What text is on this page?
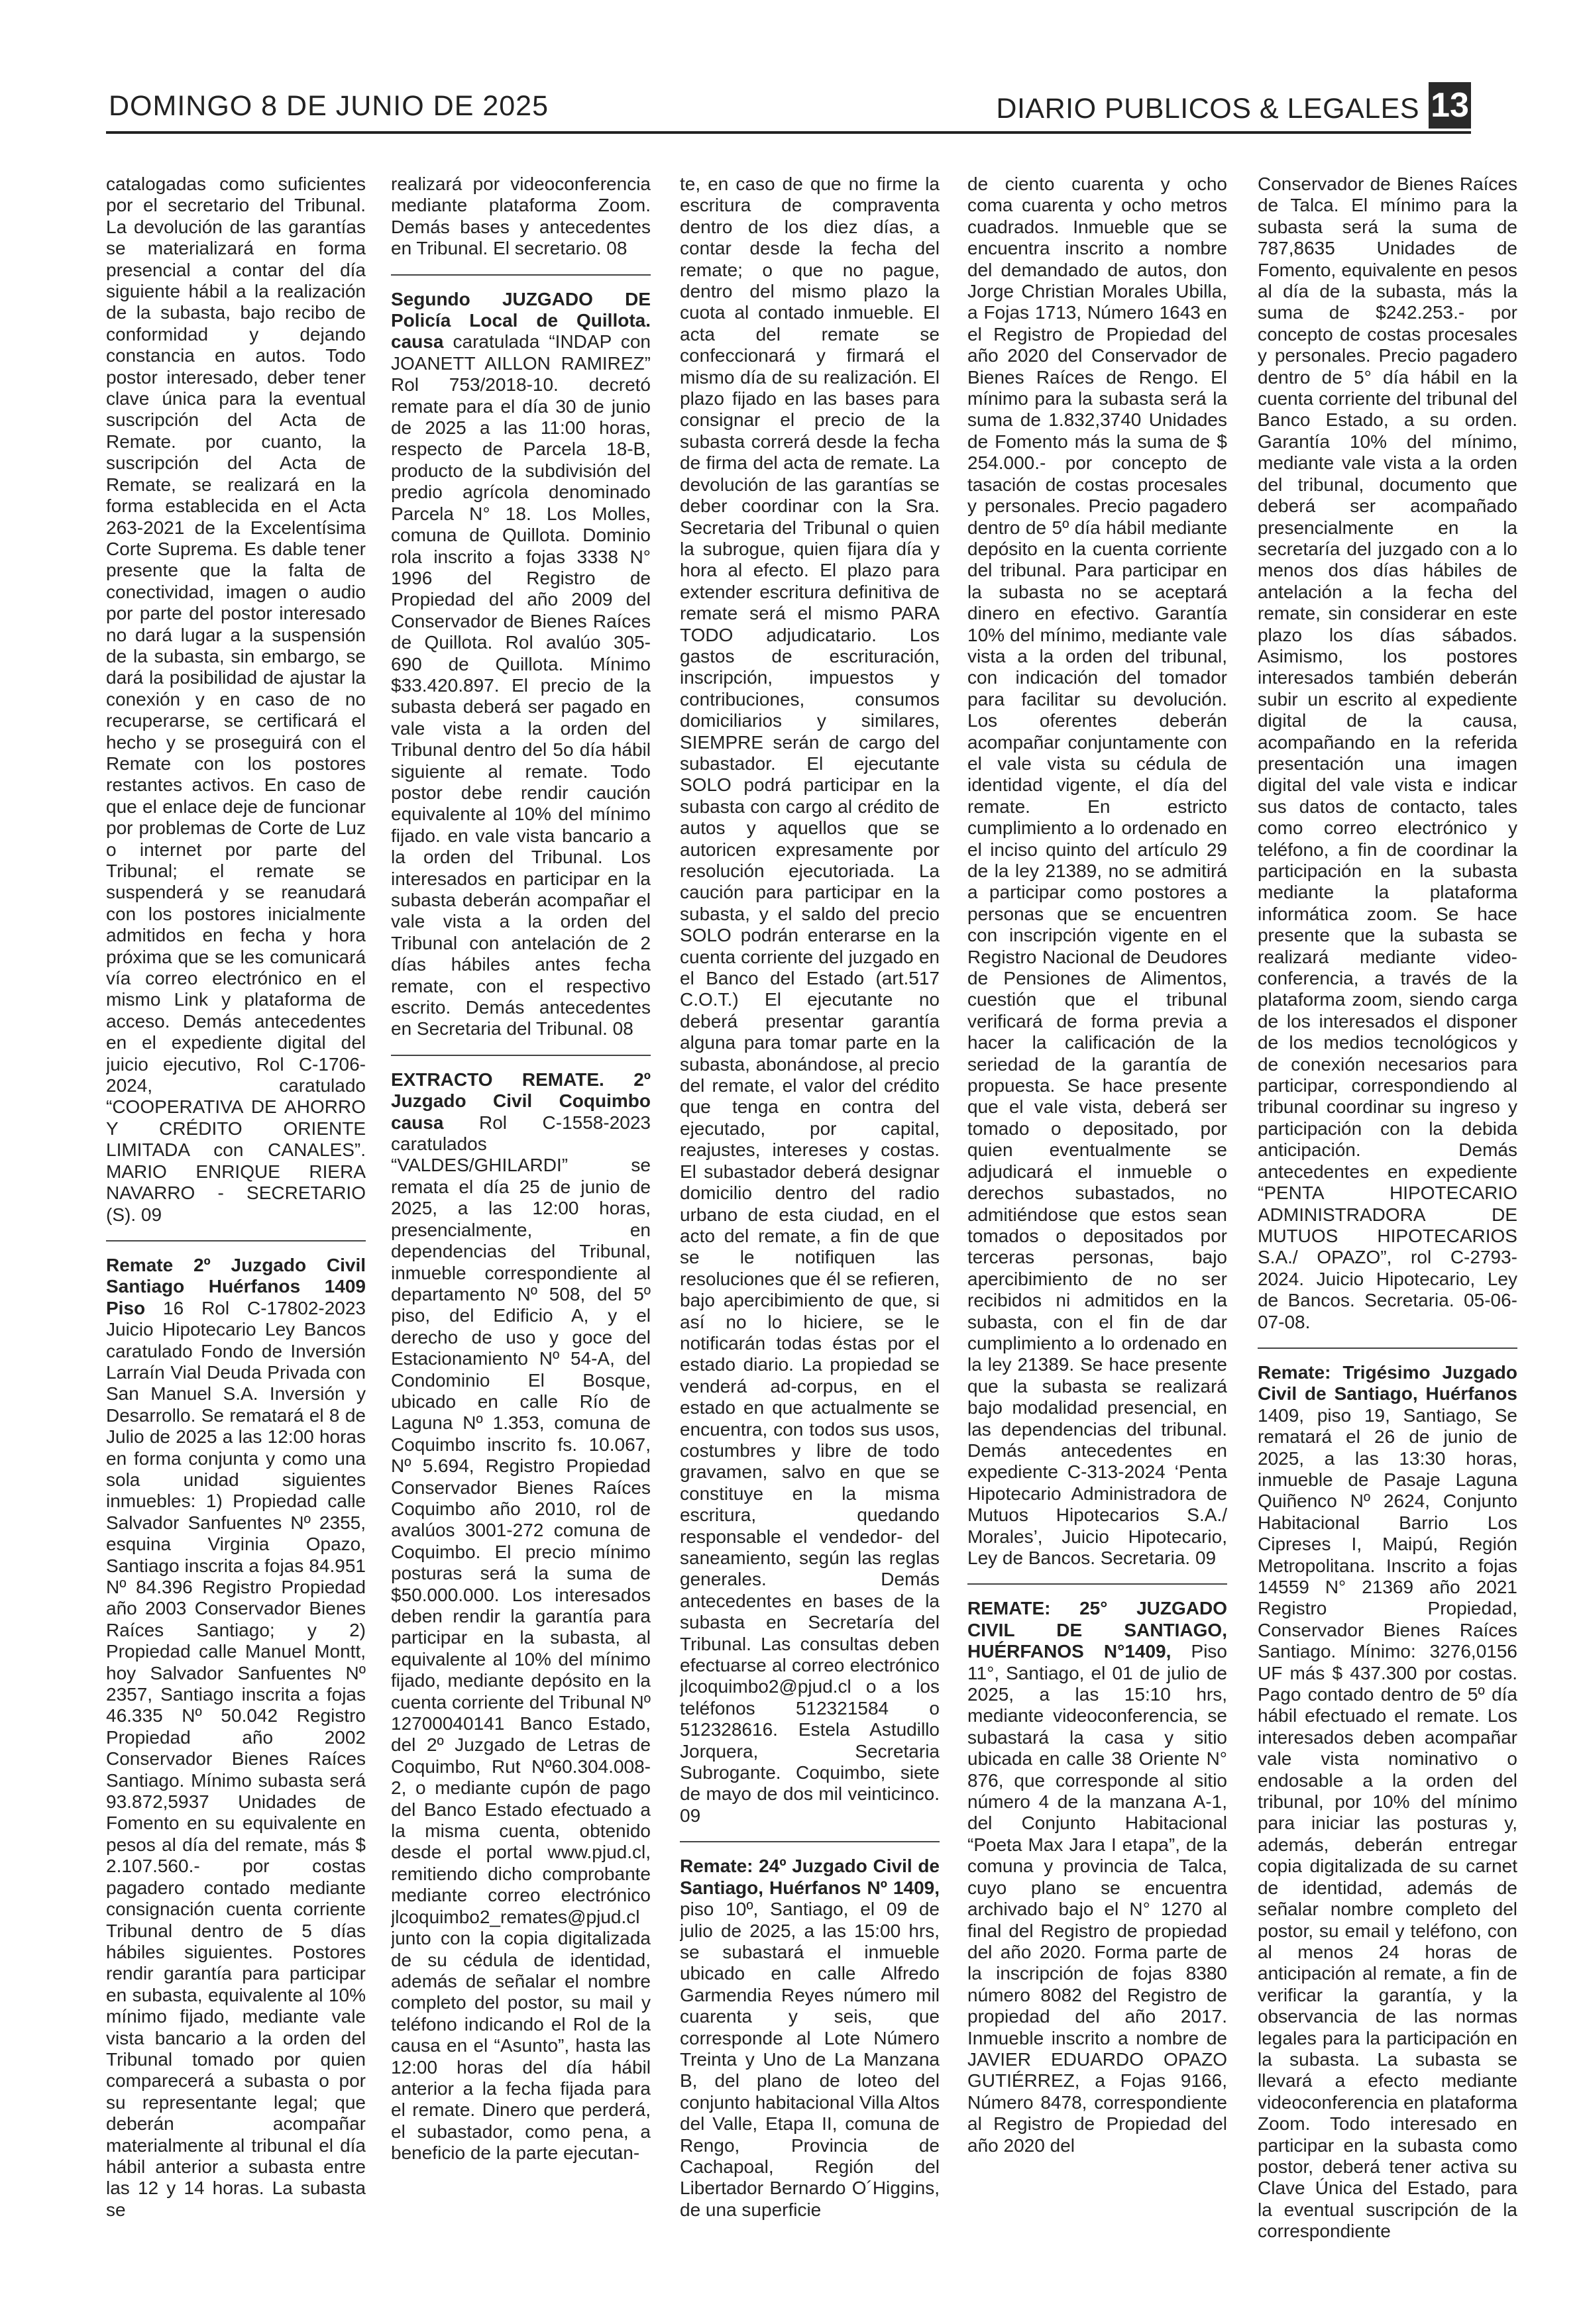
DOMINGO 8 DE JUNIO DE 2025	DIARIO PUBLICOS & LEGALES 13

catalogadas como suficientes por el secretario del Tribunal. La devolución de las garantías se materializará en forma presencial a contar del día siguiente hábil a la realización de la subasta, bajo recibo de conformidad y dejando constancia en autos. Todo postor interesado, deber tener clave única para la eventual suscripción del Acta de Remate. por cuanto, la suscripción del Acta de Remate, se realizará en la forma establecida en el Acta 263-2021 de la Excelentísima Corte Suprema. Es dable tener presente que la falta de conectividad, imagen o audio por parte del postor interesado no dará lugar a la suspensión de la subasta, sin embargo, se dará la posibilidad de ajustar la conexión y en caso de no recuperarse, se certificará el hecho y se proseguirá con el Remate con los postores restantes activos. En caso de que el enlace deje de funcionar por problemas de Corte de Luz o internet por parte del Tribunal; el remate se suspenderá y se reanudará con los postores inicialmente admitidos en fecha y hora próxima que se les comunicará vía correo electrónico en el mismo Link y plataforma de acceso. Demás antecedentes en el expediente digital del juicio ejecutivo, Rol C-1706-2024, caratulado “COOPERATIVA DE AHORRO Y CRÉDITO ORIENTE LIMITADA con CANALES”. MARIO ENRIQUE RIERA NAVARRO - SECRETARIO (S). 09

Remate 2º Juzgado Civil Santiago Huérfanos 1409 Piso 16 Rol C-17802-2023 Juicio Hipotecario Ley Bancos caratulado Fondo de Inversión Larraín Vial Deuda Privada con San Manuel S.A. Inversión y Desarrollo. Se rematará el 8 de Julio de 2025 a las 12:00 horas en forma conjunta y como una sola unidad siguientes inmuebles: 1) Propiedad calle Salvador Sanfuentes Nº 2355, esquina Virginia Opazo, Santiago inscrita a fojas 84.951 Nº 84.396 Registro Propiedad año 2003 Conservador Bienes Raíces Santiago; y 2) Propiedad calle Manuel Montt, hoy Salvador Sanfuentes Nº 2357, Santiago inscrita a fojas 46.335 Nº 50.042 Registro Propiedad año 2002 Conservador Bienes Raíces Santiago. Mínimo subasta será 93.872,5937 Unidades de Fomento en su equivalente en pesos al día del remate, más $ 2.107.560.- por costas pagadero contado mediante consignación cuenta corriente Tribunal dentro de 5 días hábiles siguientes. Postores rendir garantía para participar en subasta, equivalente al 10% mínimo fijado, mediante vale vista bancario a la orden del Tribunal tomado por quien comparecerá a subasta o por su representante legal; que deberán acompañar materialmente al tribunal el día hábil anterior a subasta entre las 12 y 14 horas. La subasta se

realizará por videoconferencia mediante plataforma Zoom. Demás bases y antecedentes en Tribunal. El secretario. 08

Segundo JUZGADO DE Policía Local de Quillota. causa caratulada “INDAP con JOANETT AILLON RAMIREZ” Rol 753/2018-10. decretó remate para el día 30 de junio de 2025 a las 11:00 horas, respecto de Parcela 18-B, producto de la subdivisión del predio agrícola denominado Parcela N° 18. Los Molles, comuna de Quillota. Dominio rola inscrito a fojas 3338 N° 1996 del Registro de Propiedad del año 2009 del Conservador de Bienes Raíces de Quillota. Rol avalúo 305-690 de Quillota. Mínimo $33.420.897. El precio de la subasta deberá ser pagado en vale vista a la orden del Tribunal dentro del 5o día hábil siguiente al remate. Todo postor debe rendir caución equivalente al 10% del mínimo fijado. en vale vista bancario a la orden del Tribunal. Los interesados en participar en la subasta deberán acompañar el vale vista a la orden del Tribunal con antelación de 2 días hábiles antes fecha remate, con el respectivo escrito. Demás antecedentes en Secretaria del Tribunal. 08

EXTRACTO REMATE. 2º Juzgado Civil Coquimbo causa Rol C-1558-2023 caratulados “VALDES/GHILARDI” se remata el día 25 de junio de 2025, a las 12:00 horas, presencialmente, en dependencias del Tribunal, inmueble correspondiente al departamento Nº 508, del 5º piso, del Edificio A, y el derecho de uso y goce del Estacionamiento Nº 54-A, del Condominio El Bosque, ubicado en calle Río de Laguna Nº 1.353, comuna de Coquimbo inscrito fs. 10.067, Nº 5.694, Registro Propiedad Conservador Bienes Raíces Coquimbo año 2010, rol de avalúos 3001-272 comuna de Coquimbo. El precio mínimo posturas será la suma de $50.000.000. Los interesados deben rendir la garantía para participar en la subasta, al equivalente al 10% del mínimo fijado, mediante depósito en la cuenta corriente del Tribunal Nº 12700040141 Banco Estado, del 2º Juzgado de Letras de Coquimbo, Rut Nº60.304.008-2, o mediante cupón de pago del Banco Estado efectuado a la misma cuenta, obtenido desde el portal www.pjud.cl, remitiendo dicho comprobante mediante correo electrónico jlcoquimbo2_remates@pjud.cl junto con la copia digitalizada de su cédula de identidad, además de señalar el nombre completo del postor, su mail y teléfono indicando el Rol de la causa en el “Asunto”, hasta las 12:00 horas del día hábil anterior a la fecha fijada para el remate. Dinero que perderá, el subastador, como pena, a beneficio de la parte ejecutan-

te, en caso de que no firme la escritura de compraventa dentro de los diez días, a contar desde la fecha del remate; o que no pague, dentro del mismo plazo la cuota al contado inmueble. El acta del remate se confeccionará y firmará el mismo día de su realización. El plazo fijado en las bases para consignar el precio de la subasta correrá desde la fecha de firma del acta de remate. La devolución de las garantías se deber coordinar con la Sra. Secretaria del Tribunal o quien la subrogue, quien fijara día y hora al efecto. El plazo para extender escritura definitiva de remate será el mismo PARA TODO adjudicatario. Los gastos de escrituración, inscripción, impuestos y contribuciones, consumos domiciliarios y similares, SIEMPRE serán de cargo del subastador. El ejecutante SOLO podrá participar en la subasta con cargo al crédito de autos y aquellos que se autoricen expresamente por resolución ejecutoriada. La caución para participar en la subasta, y el saldo del precio SOLO podrán enterarse en la cuenta corriente del juzgado en el Banco del Estado (art.517 C.O.T.) El ejecutante no deberá presentar garantía alguna para tomar parte en la subasta, abonándose, al precio del remate, el valor del crédito que tenga en contra del ejecutado, por capital, reajustes, intereses y costas. El subastador deberá designar domicilio dentro del radio urbano de esta ciudad, en el acto del remate, a fin de que se le notifiquen las resoluciones que él se refieren, bajo apercibimiento de que, si así no lo hiciere, se le notificarán todas éstas por el estado diario. La propiedad se venderá ad-corpus, en el estado en que actualmente se encuentra, con todos sus usos, costumbres y libre de todo gravamen, salvo en que se constituye en la misma escritura, quedando responsable el vendedor- del saneamiento, según las reglas generales. Demás antecedentes en bases de la subasta en Secretaría del Tribunal. Las consultas deben efectuarse al correo electrónico jlcoquimbo2@pjud.cl o a los teléfonos 512321584 o 512328616. Estela Astudillo Jorquera, Secretaria Subrogante. Coquimbo, siete de mayo de dos mil veinticinco. 09

Remate: 24º Juzgado Civil de Santiago, Huérfanos Nº 1409, piso 10º, Santiago, el 09 de julio de 2025, a las 15:00 hrs, se subastará el inmueble ubicado en calle Alfredo Garmendia Reyes número mil cuarenta y seis, que corresponde al Lote Número Treinta y Uno de La Manzana B, del plano de loteo del conjunto habitacional Villa Altos del Valle, Etapa II, comuna de Rengo, Provincia de Cachapoal, Región del Libertador Bernardo O´Higgins, de una superficie

de ciento cuarenta y ocho coma cuarenta y ocho metros cuadrados. Inmueble que se encuentra inscrito a nombre del demandado de autos, don Jorge Christian Morales Ubilla, a Fojas 1713, Número 1643 en el Registro de Propiedad del año 2020 del Conservador de Bienes Raíces de Rengo. El mínimo para la subasta será la suma de 1.832,3740 Unidades de Fomento más la suma de $ 254.000.- por concepto de tasación de costas procesales y personales. Precio pagadero dentro de 5º día hábil mediante depósito en la cuenta corriente del tribunal. Para participar en la subasta no se aceptará dinero en efectivo. Garantía 10% del mínimo, mediante vale vista a la orden del tribunal, con indicación del tomador para facilitar su devolución. Los oferentes deberán acompañar conjuntamente con el vale vista su cédula de identidad vigente, el día del remate. En estricto cumplimiento a lo ordenado en el inciso quinto del artículo 29 de la ley 21389, no se admitirá a participar como postores a personas que se encuentren con inscripción vigente en el Registro Nacional de Deudores de Pensiones de Alimentos, cuestión que el tribunal verificará de forma previa a hacer la calificación de la seriedad de la garantía de propuesta. Se hace presente que el vale vista, deberá ser tomado o depositado, por quien eventualmente se adjudicará el inmueble o derechos subastados, no admitiéndose que estos sean tomados o depositados por terceras personas, bajo apercibimiento de no ser recibidos ni admitidos en la subasta, con el fin de dar cumplimiento a lo ordenado en la ley 21389. Se hace presente que la subasta se realizará bajo modalidad presencial, en las dependencias del tribunal. Demás antecedentes en expediente C-313-2024 ‘Penta Hipotecario Administradora de Mutuos Hipotecarios S.A./ Morales’, Juicio Hipotecario, Ley de Bancos. Secretaria. 09

REMATE: 25° JUZGADO CIVIL DE SANTIAGO, HUÉRFANOS N°1409, Piso 11°, Santiago, el 01 de julio de 2025, a las 15:10 hrs, mediante videoconferencia, se subastará la casa y sitio ubicada en calle 38 Oriente N° 876, que corresponde al sitio número 4 de la manzana A-1, del Conjunto Habitacional “Poeta Max Jara I etapa”, de la comuna y provincia de Talca, cuyo plano se encuentra archivado bajo el N° 1270 al final del Registro de propiedad del año 2020. Forma parte de la inscripción de fojas 8380 número 8082 del Registro de propiedad del año 2017. Inmueble inscrito a nombre de JAVIER EDUARDO OPAZO GUTIÉRREZ, a Fojas 9166, Número 8478, correspondiente al Registro de Propiedad del año 2020 del

Conservador de Bienes Raíces de Talca. El mínimo para la subasta será la suma de 787,8635 Unidades de Fomento, equivalente en pesos al día de la subasta, más la suma de $242.253.- por concepto de costas procesales y personales. Precio pagadero dentro de 5° día hábil en la cuenta corriente del tribunal del Banco Estado, a su orden. Garantía 10% del mínimo, mediante vale vista a la orden del tribunal, documento que deberá ser acompañado presencialmente en la secretaría del juzgado con a lo menos dos días hábiles de antelación a la fecha del remate, sin considerar en este plazo los días sábados. Asimismo, los postores interesados también deberán subir un escrito al expediente digital de la causa, acompañando en la referida presentación una imagen digital del vale vista e indicar sus datos de contacto, tales como correo electrónico y teléfono, a fin de coordinar la participación en la subasta mediante la plataforma informática zoom. Se hace presente que la subasta se realizará mediante video- conferencia, a través de la plataforma zoom, siendo carga de los interesados el disponer de los medios tecnológicos y de conexión necesarios para participar, correspondiendo al tribunal coordinar su ingreso y participación con la debida anticipación. Demás antecedentes en expediente “PENTA HIPOTECARIO ADMINISTRADORA DE MUTUOS HIPOTECARIOS S.A./ OPAZO”, rol C-2793- 2024. Juicio Hipotecario, Ley de Bancos. Secretaria. 05-06-07-08.

Remate: Trigésimo Juzgado Civil de Santiago, Huérfanos 1409, piso 19, Santiago, Se rematará el 26 de junio de 2025, a las 13:30 horas, inmueble de Pasaje Laguna Quiñenco Nº 2624, Conjunto Habitacional Barrio Los Cipreses I, Maipú, Región Metropolitana. Inscrito a fojas 14559 N° 21369 año 2021 Registro Propiedad, Conservador Bienes Raíces Santiago. Mínimo: 3276,0156 UF más $ 437.300 por costas. Pago contado dentro de 5º día hábil efectuado el remate. Los interesados deben acompañar vale vista nominativo o endosable a la orden del tribunal, por 10% del mínimo para iniciar las posturas y, además, deberán entregar copia digitalizada de su carnet de identidad, además de señalar nombre completo del postor, su email y teléfono, con al menos 24 horas de anticipación al remate, a fin de verificar la garantía, y la observancia de las normas legales para la participación en la subasta. La subasta se llevará a efecto mediante videoconferencia en plataforma Zoom. Todo interesado en participar en la subasta como postor, deberá tener activa su Clave Única del Estado, para la eventual suscripción de la correspondiente
